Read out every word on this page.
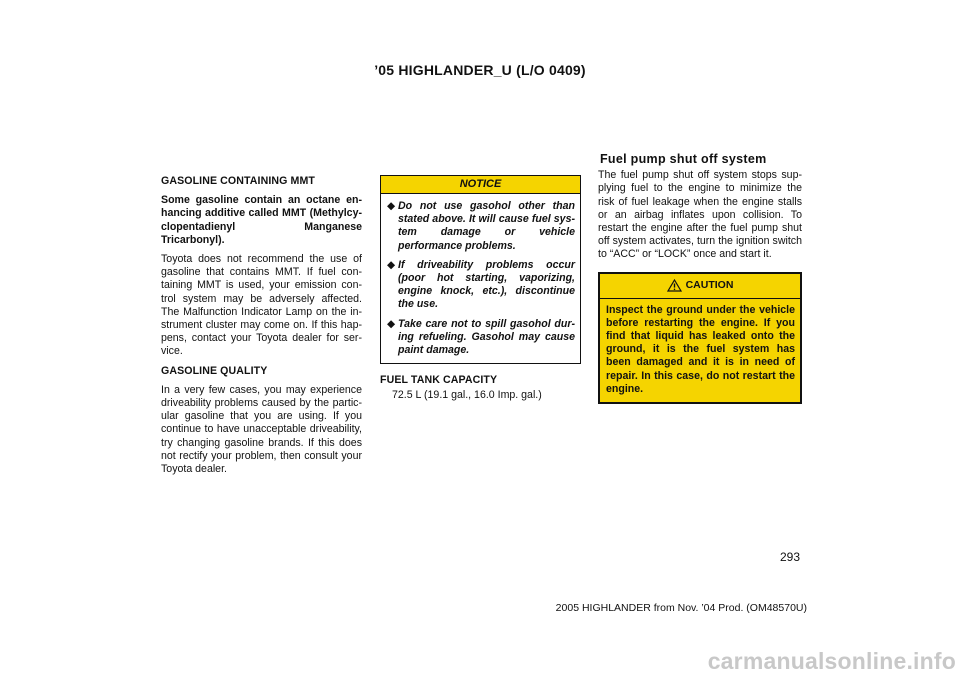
’05 HIGHLANDER_U (L/O 0409)

GASOLINE CONTAINING MMT

Some gasoline contain an octane en-hancing additive called MMT (Methylcy-clopentadienyl Manganese Tricarbonyl).

Toyota does not recommend the use of gasoline that contains MMT. If fuel con-taining MMT is used, your emission con-trol system may be adversely affected. The Malfunction Indicator Lamp on the in-strument cluster may come on. If this hap-pens, contact your Toyota dealer for ser-vice.

GASOLINE QUALITY

In a very few cases, you may experience driveability problems caused by the partic-ular gasoline that you are using. If you continue to have unacceptable driveability, try changing gasoline brands. If this does not rectify your problem, then consult your Toyota dealer.

NOTICE
◆ Do not use gasohol other than stated above. It will cause fuel sys-tem damage or vehicle performance problems.
◆ If driveability problems occur (poor hot starting, vaporizing, engine knock, etc.), discontinue the use.
◆ Take care not to spill gasohol dur-ing refueling. Gasohol may cause paint damage.

FUEL TANK CAPACITY

72.5 L (19.1 gal., 16.0 Imp. gal.)

Fuel pump shut off system

The fuel pump shut off system stops sup-plying fuel to the engine to minimize the risk of fuel leakage when the engine stalls or an airbag inflates upon collision. To restart the engine after the fuel pump shut off system activates, turn the ignition switch to “ACC” or “LOCK” once and start it.

CAUTION
Inspect the ground under the vehicle before restarting the engine. If you find that liquid has leaked onto the ground, it is the fuel system has been damaged and it is in need of repair. In this case, do not restart the engine.
293
2005 HIGHLANDER from Nov. ’04 Prod. (OM48570U)
carmanualsonline.info
